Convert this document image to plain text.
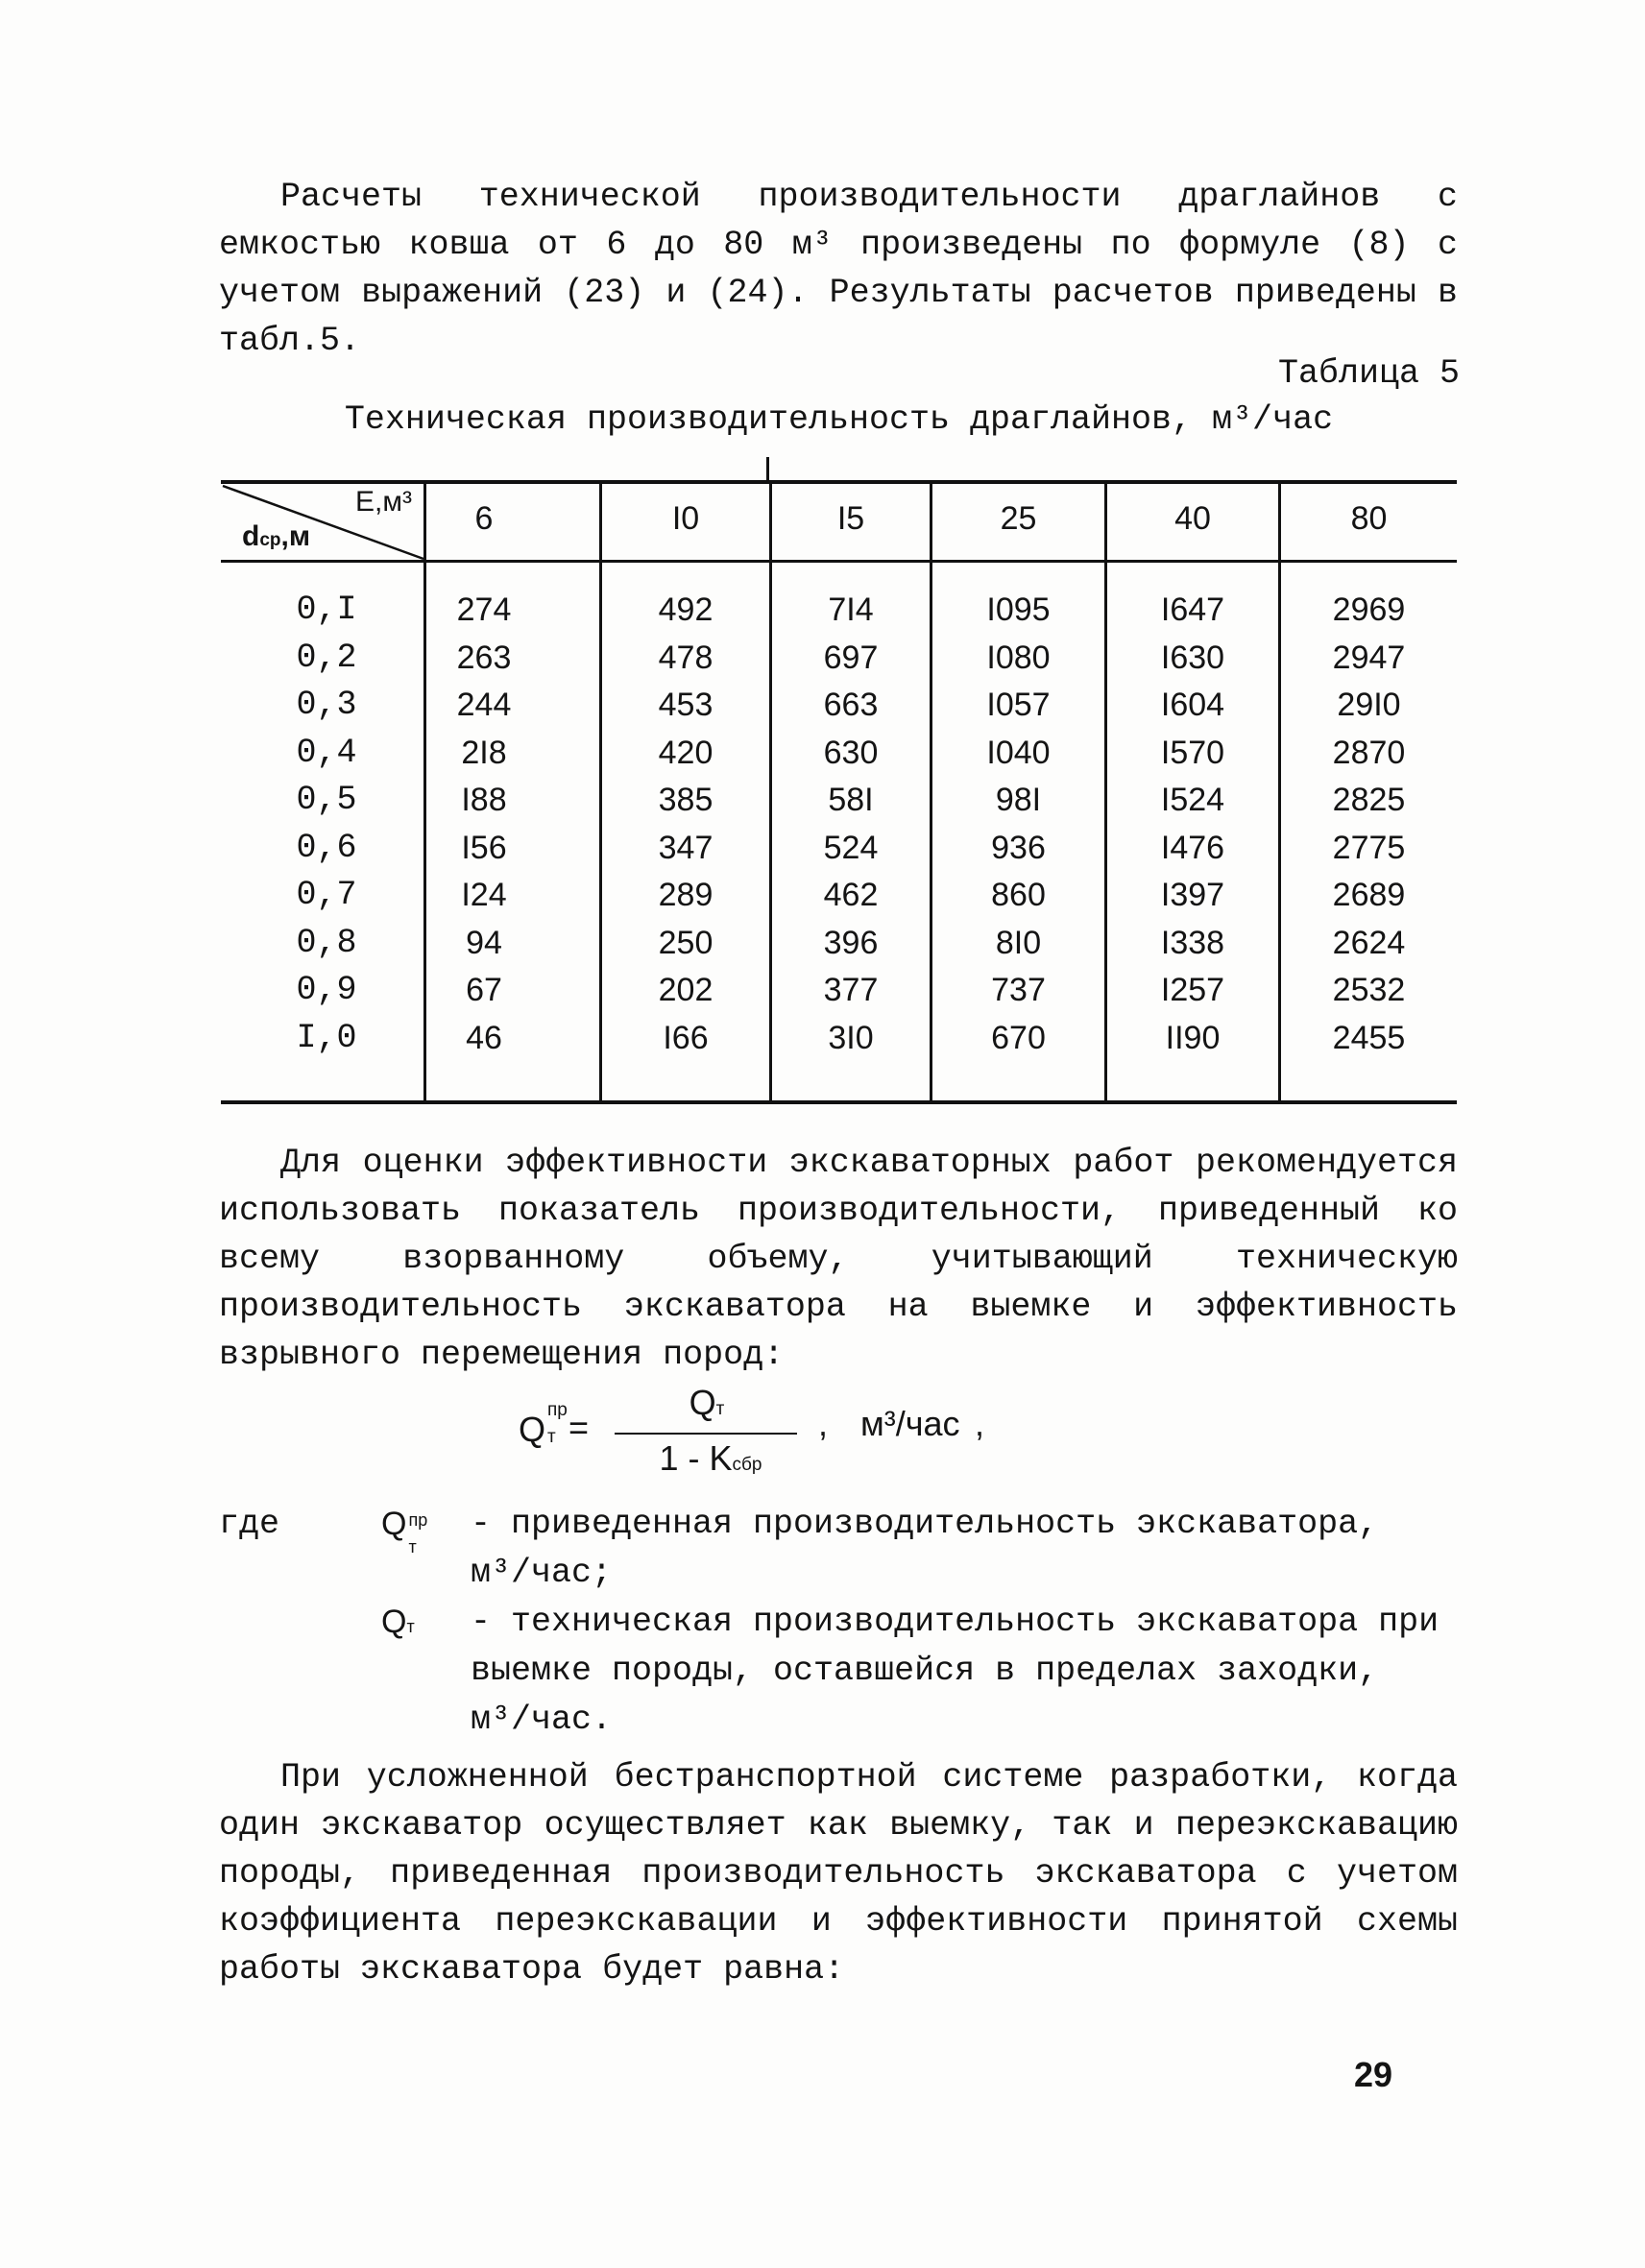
Расчеты технической производительности драглайнов с емкостью ковша от 6 до 80 м³ произведены по формуле (8) с учетом выражений (23) и (24). Результаты расчетов приведены в табл.5.
Таблица 5
Техническая производительность драглайнов, м³/час
Е,м³
dср,м	6	I0	I5	25	40	80
0,I	274	492	7I4	I095	I647	2969
0,2	263	478	697	I080	I630	2947
0,3	244	453	663	I057	I604	29I0
0,4	2I8	420	630	I040	I570	2870
0,5	I88	385	58I	98I	I524	2825
0,6	I56	347	524	936	I476	2775
0,7	I24	289	462	860	I397	2689
0,8	94	250	396	8I0	I338	2624
0,9	67	202	377	737	I257	2532
I,0	46	I66	3I0	670	II90	2455
Для оценки эффективности экскаваторных работ рекомендуется использовать показатель производительности, приведенный ко всему взорванному объему, учитывающий техническую производительность экскаватора на выемке и эффективность взрывного перемещения пород:
Q пр
т =
Qт
1 - Kсбр
, м³/час ,
где	Q пр
т
- приведенная производительность экскаватора, м³/час;
Qт - техническая производительность экскаватора при выемке породы, оставшейся в пределах заходки, м³/час.
При усложненной бестранспортной системе разработки, когда один экскаватор осуществляет как выемку, так и переэкскавацию породы, приведенная производительность экскаватора с учетом коэффициента переэкскавации и эффективности принятой схемы работы экскаватора будет равна:
29
